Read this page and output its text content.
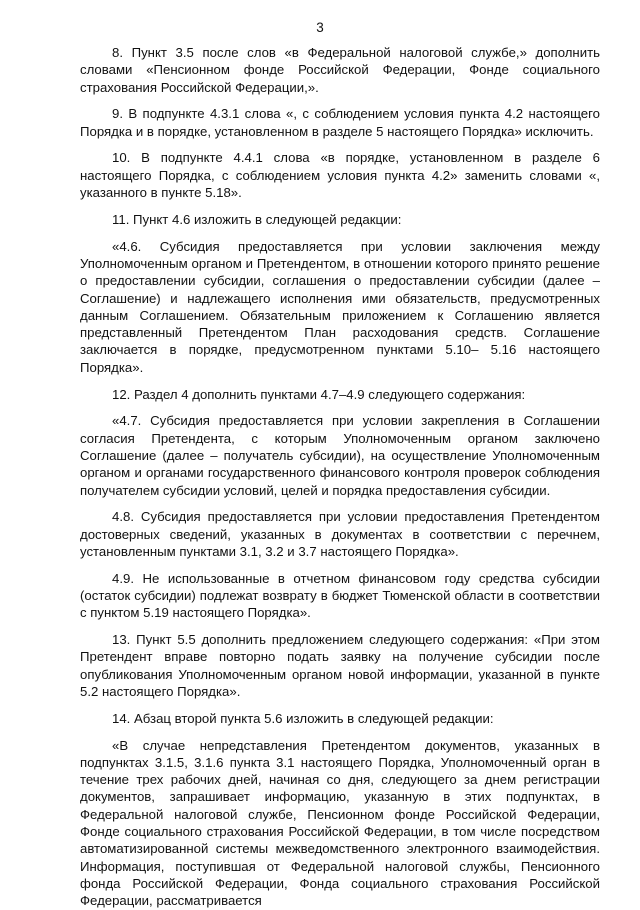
3

8. Пункт 3.5 после слов «в Федеральной налоговой службе,» дополнить словами «Пенсионном фонде Российской Федерации, Фонде социального страхования Российской Федерации,».

9. В подпункте 4.3.1 слова «, с соблюдением условия пункта 4.2 настоящего Порядка и в порядке, установленном в разделе 5 настоящего Порядка» исключить.

10. В подпункте 4.4.1 слова «в порядке, установленном в разделе 6 настоящего Порядка, с соблюдением условия пункта 4.2» заменить словами «, указанного в пункте 5.18».

11. Пункт 4.6 изложить в следующей редакции:

«4.6. Субсидия предоставляется при условии заключения между Уполномоченным органом и Претендентом, в отношении которого принято решение о предоставлении субсидии, соглашения о предоставлении субсидии (далее – Соглашение) и надлежащего исполнения ими обязательств, предусмотренных данным Соглашением. Обязательным приложением к Соглашению является представленный Претендентом План расходования средств. Соглашение заключается в порядке, предусмотренном пунктами 5.10– 5.16 настоящего Порядка».

12. Раздел 4 дополнить пунктами 4.7–4.9 следующего содержания:

«4.7. Субсидия предоставляется при условии закрепления в Соглашении согласия Претендента, с которым Уполномоченным органом заключено Соглашение (далее – получатель субсидии), на осуществление Уполномоченным органом и органами государственного финансового контроля проверок соблюдения получателем субсидии условий, целей и порядка предоставления субсидии.

4.8. Субсидия предоставляется при условии предоставления Претендентом достоверных сведений, указанных в документах в соответствии с перечнем, установленным пунктами 3.1, 3.2 и 3.7 настоящего Порядка».

4.9. Не использованные в отчетном финансовом году средства субсидии (остаток субсидии) подлежат возврату в бюджет Тюменской области в соответствии с пунктом 5.19 настоящего Порядка».

13. Пункт 5.5 дополнить предложением следующего содержания: «При этом Претендент вправе повторно подать заявку на получение субсидии после опубликования Уполномоченным органом новой информации, указанной в пункте 5.2 настоящего Порядка».

14. Абзац второй пункта 5.6 изложить в следующей редакции:

«В случае непредставления Претендентом документов, указанных в подпунктах 3.1.5, 3.1.6 пункта 3.1 настоящего Порядка, Уполномоченный орган в течение трех рабочих дней, начиная со дня, следующего за днем регистрации документов, запрашивает информацию, указанную в этих подпунктах, в Федеральной налоговой службе, Пенсионном фонде Российской Федерации, Фонде социального страхования Российской Федерации, в том числе посредством автоматизированной системы межведомственного электронного взаимодействия. Информация, поступившая от Федеральной налоговой службы, Пенсионного фонда Российской Федерации, Фонда социального страхования Российской Федерации, рассматривается
